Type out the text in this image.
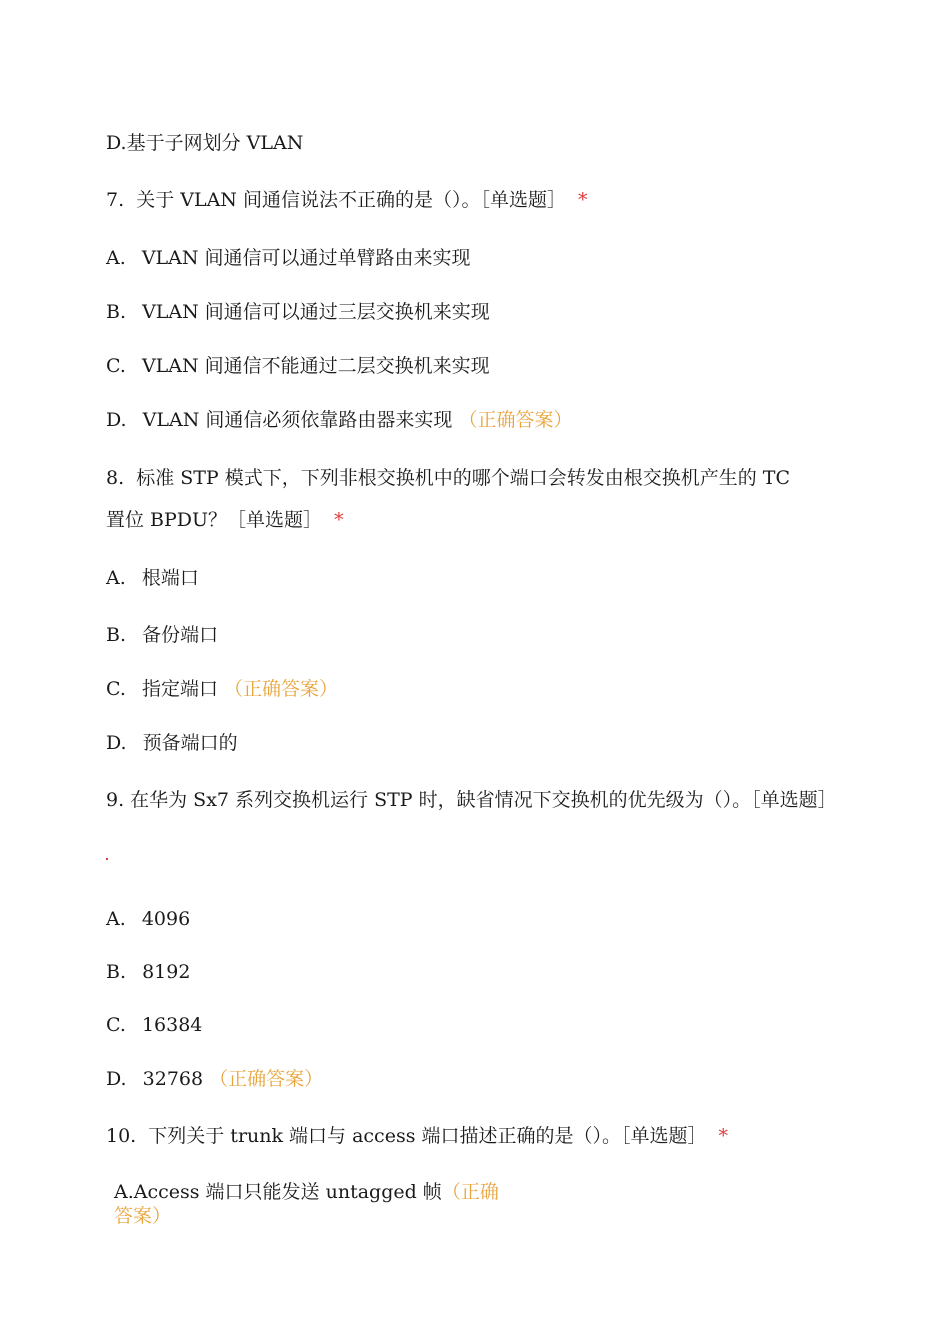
D.基于子网划分 VLAN
7. 关于 VLAN 间通信说法不正确的是（）。［单选题］ *
A. VLAN 间通信可以通过单臂路由来实现
B. VLAN 间通信可以通过三层交换机来实现
C. VLAN 间通信不能通过二层交换机来实现
D. VLAN 间通信必须依靠路由器来实现 （正确答案）
8. 标准 STP 模式下，下列非根交换机中的哪个端口会转发由根交换机产生的 TC
置位 BPDU？［单选题］ *
A. 根端口
B. 备份端口
C. 指定端口 （正确答案）
D. 预备端口的
9. 在华为 Sx7 系列交换机运行 STP 时，缺省情况下交换机的优先级为（）。［单选题］
A. 4096
B. 8192
C. 16384
D. 32768 （正确答案）
10. 下列关于 trunk 端口与 access 端口描述正确的是（）。［单选题］ *
A.Access 端口只能发送 untagged 帧（正确答案）
